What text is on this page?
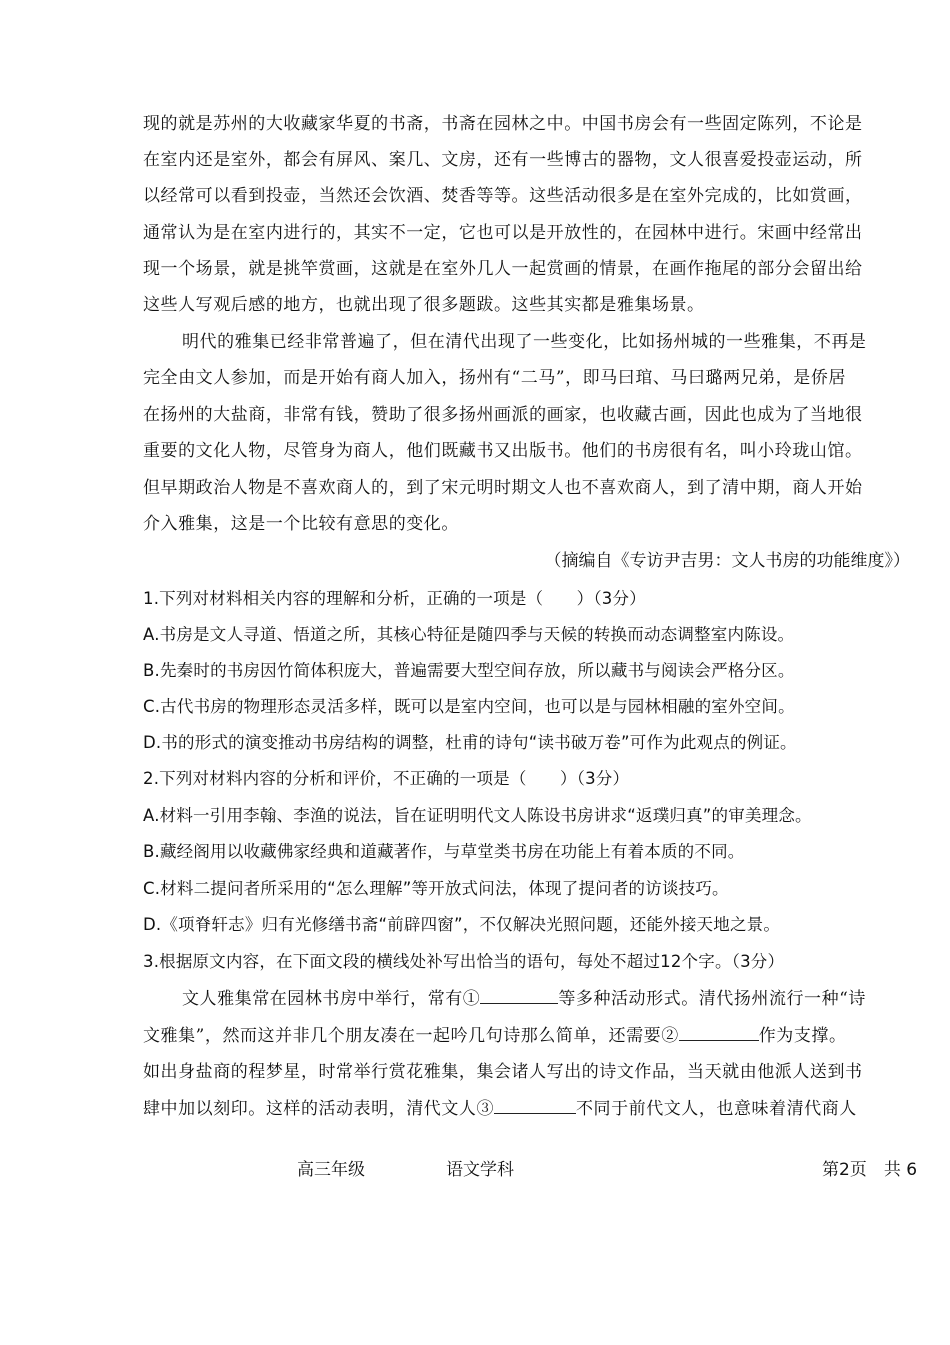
现的就是苏州的大收藏家华夏的书斋，书斋在园林之中。中国书房会有一些固定陈列，不论是
在室内还是室外，都会有屏风、案几、文房，还有一些博古的器物，文人很喜爱投壶运动，所
以经常可以看到投壶，当然还会饮酒、焚香等等。这些活动很多是在室外完成的，比如赏画，
通常认为是在室内进行的，其实不一定，它也可以是开放性的，在园林中进行。宋画中经常出
现一个场景，就是挑竿赏画，这就是在室外几人一起赏画的情景，在画作拖尾的部分会留出给
这些人写观后感的地方，也就出现了很多题跋。这些其实都是雅集场景。
明代的雅集已经非常普遍了，但在清代出现了一些变化，比如扬州城的一些雅集，不再是
完全由文人参加，而是开始有商人加入，扬州有“二马”，即马曰琯、马曰璐两兄弟，是侨居
在扬州的大盐商，非常有钱，赞助了很多扬州画派的画家，也收藏古画，因此也成为了当地很
重要的文化人物，尽管身为商人，他们既藏书又出版书。他们的书房很有名，叫小玲珑山馆。
但早期政治人物是不喜欢商人的，到了宋元明时期文人也不喜欢商人，到了清中期，商人开始
介入雅集，这是一个比较有意思的变化。
（摘编自《专访尹吉男：文人书房的功能维度》）
1.下列对材料相关内容的理解和分析，正确的一项是（　　）（3分）
A.书房是文人寻道、悟道之所，其核心特征是随四季与天候的转换而动态调整室内陈设。
B.先秦时的书房因竹简体积庞大，普遍需要大型空间存放，所以藏书与阅读会严格分区。
C.古代书房的物理形态灵活多样，既可以是室内空间，也可以是与园林相融的室外空间。
D.书的形式的演变推动书房结构的调整，杜甫的诗句“读书破万卷”可作为此观点的例证。
2.下列对材料内容的分析和评价，不正确的一项是（　　）（3分）
A.材料一引用李翰、李渔的说法，旨在证明明代文人陈设书房讲求“返璞归真”的审美理念。
B.藏经阁用以收藏佛家经典和道藏著作，与草堂类书房在功能上有着本质的不同。
C.材料二提问者所采用的“怎么理解”等开放式问法，体现了提问者的访谈技巧。
D.《项脊轩志》归有光修缮书斋“前辟四窗”，不仅解决光照问题，还能外接天地之景。
3.根据原文内容，在下面文段的横线处补写出恰当的语句，每处不超过12个字。（3分）
文人雅集常在园林书房中举行，常有①	等多种活动形式。清代扬州流行一种“诗
文雅集”，然而这并非几个朋友凑在一起吟几句诗那么简单，还需要②	作为支撑。
如出身盐商的程梦星，时常举行赏花雅集，集会诸人写出的诗文作品，当天就由他派人送到书
肆中加以刻印。这样的活动表明，清代文人③	不同于前代文人，也意味着清代商人
高三年级	语文学科	第2页　共 6
